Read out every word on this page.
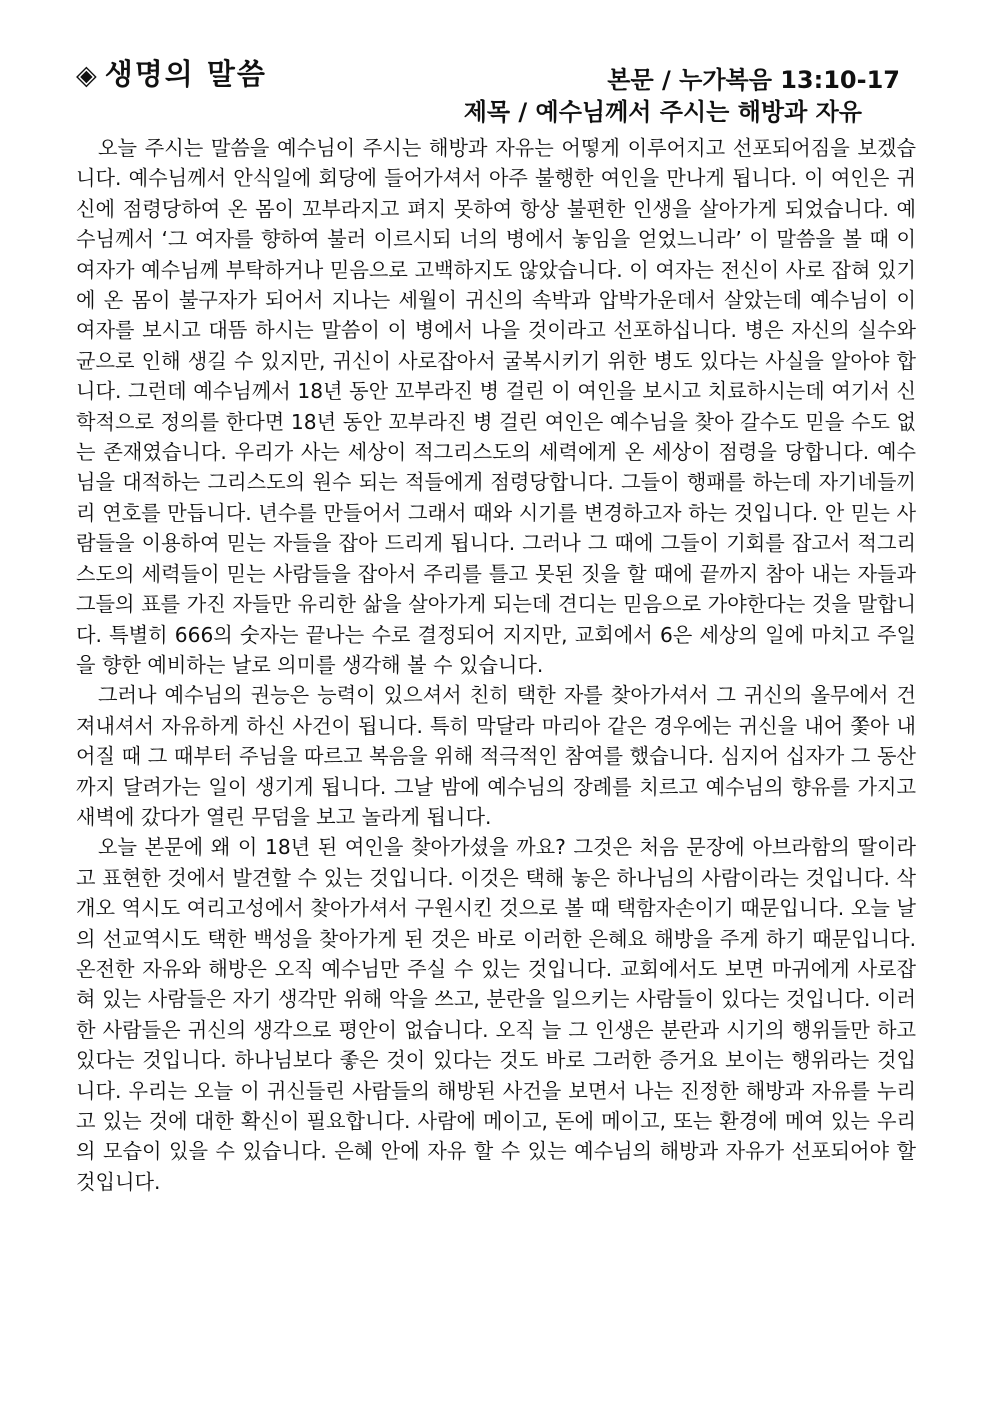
◈ 생명의 말씀	본문 / 누가복음 13:10-17
제목 / 예수님께서 주시는 해방과 자유

오늘 주시는 말씀을 예수님이 주시는 해방과 자유는 어떻게 이루어지고 선포되어짐을 보겠습니다. 예수님께서 안식일에 회당에 들어가셔서 아주 불행한 여인을 만나게 됩니다. 이 여인은 귀신에 점령당하여 온 몸이 꼬부라지고 펴지 못하여 항상 불편한 인생을 살아가게 되었습니다. 예수님께서 ‘그 여자를 향하여 불러 이르시되 너의 병에서 놓임을 얻었느니라’ 이 말씀을 볼 때 이 여자가 예수님께 부탁하거나 믿음으로 고백하지도 않았습니다. 이 여자는 전신이 사로 잡혀 있기에 온 몸이 불구자가 되어서 지나는 세월이 귀신의 속박과 압박가운데서 살았는데 예수님이 이 여자를 보시고 대뜸 하시는 말씀이 이 병에서 나을 것이라고 선포하십니다. 병은 자신의 실수와 균으로 인해 생길 수 있지만, 귀신이 사로잡아서 굴복시키기 위한 병도 있다는 사실을 알아야 합니다. 그런데 예수님께서 18년 동안 꼬부라진 병 걸린 이 여인을 보시고 치료하시는데 여기서 신학적으로 정의를 한다면 18년 동안 꼬부라진 병 걸린 여인은 예수님을 찾아 갈수도 믿을 수도 없는 존재였습니다. 우리가 사는 세상이 적그리스도의 세력에게 온 세상이 점령을 당합니다. 예수님을 대적하는 그리스도의 원수 되는 적들에게 점령당합니다. 그들이 행패를 하는데 자기네들끼리 연호를 만듭니다. 년수를 만들어서 그래서 때와 시기를 변경하고자 하는 것입니다. 안 믿는 사람들을 이용하여 믿는 자들을 잡아 드리게 됩니다. 그러나 그 때에 그들이 기회를 잡고서 적그리스도의 세력들이 믿는 사람들을 잡아서 주리를 틀고 못된 짓을 할 때에 끝까지 참아 내는 자들과 그들의 표를 가진 자들만 유리한 삶을 살아가게 되는데 견디는 믿음으로 가야한다는 것을 말합니다. 특별히 666의 숫자는 끝나는 수로 결정되어 지지만, 교회에서 6은 세상의 일에 마치고 주일을 향한 예비하는 날로 의미를 생각해 볼 수 있습니다.

그러나 예수님의 권능은 능력이 있으셔서 친히 택한 자를 찾아가셔서 그 귀신의 올무에서 건져내셔서 자유하게 하신 사건이 됩니다. 특히 막달라 마리아 같은 경우에는 귀신을 내어 쫓아 내어질 때 그 때부터 주님을 따르고 복음을 위해 적극적인 참여를 했습니다. 심지어 십자가 그 동산까지 달려가는 일이 생기게 됩니다. 그날 밤에 예수님의 장례를 치르고 예수님의 향유를 가지고 새벽에 갔다가 열린 무덤을 보고 놀라게 됩니다.

오늘 본문에 왜 이 18년 된 여인을 찾아가셨을 까요? 그것은 처음 문장에 아브라함의 딸이라고 표현한 것에서 발견할 수 있는 것입니다. 이것은 택해 놓은 하나님의 사람이라는 것입니다. 삭개오 역시도 여리고성에서 찾아가셔서 구원시킨 것으로 볼 때 택함자손이기 때문입니다. 오늘 날의 선교역시도 택한 백성을 찾아가게 된 것은 바로 이러한 은혜요 해방을 주게 하기 때문입니다. 온전한 자유와 해방은 오직 예수님만 주실 수 있는 것입니다. 교회에서도 보면 마귀에게 사로잡혀 있는 사람들은 자기 생각만 위해 악을 쓰고, 분란을 일으키는 사람들이 있다는 것입니다. 이러한 사람들은 귀신의 생각으로 평안이 없습니다. 오직 늘 그 인생은 분란과 시기의 행위들만 하고 있다는 것입니다. 하나님보다 좋은 것이 있다는 것도 바로 그러한 증거요 보이는 행위라는 것입니다. 우리는 오늘 이 귀신들린 사람들의 해방된 사건을 보면서 나는 진정한 해방과 자유를 누리고 있는 것에 대한 확신이 필요합니다. 사람에 메이고, 돈에 메이고, 또는 환경에 메여 있는 우리의 모습이 있을 수 있습니다. 은혜 안에 자유 할 수 있는 예수님의 해방과 자유가 선포되어야 할 것입니다.
